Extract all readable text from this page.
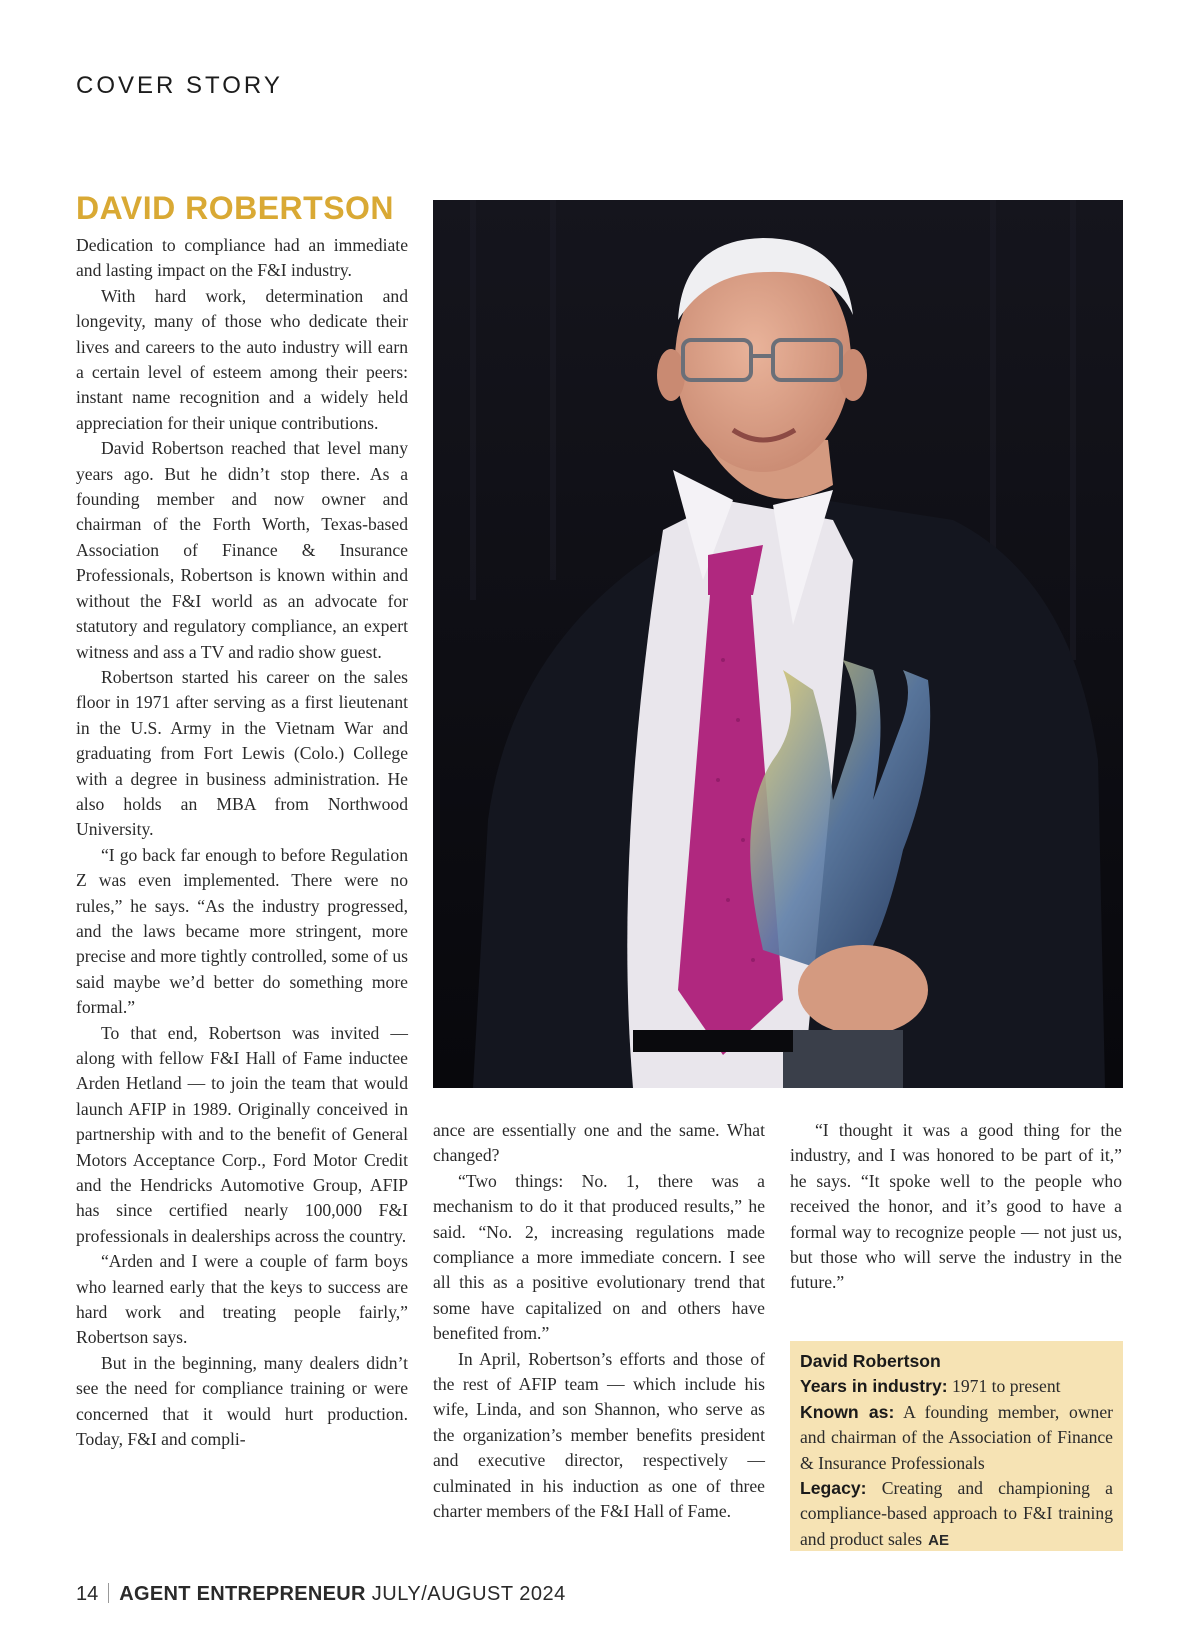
COVER STORY
DAVID ROBERTSON

Dedication to compliance had an immediate and lasting impact on the F&I industry.

With hard work, determination and longevity, many of those who dedicate their lives and careers to the auto industry will earn a certain level of esteem among their peers: instant name recognition and a widely held appreciation for their unique contributions.

David Robertson reached that level many years ago. But he didn’t stop there. As a founding member and now owner and chairman of the Forth Worth, Texas-based Association of Finance & Insurance Professionals, Robertson is known within and without the F&I world as an advocate for statutory and regulatory compliance, an expert witness and ass a TV and radio show guest.

Robertson started his career on the sales floor in 1971 after serving as a first lieutenant in the U.S. Army in the Vietnam War and graduating from Fort Lewis (Colo.) College with a degree in business administration. He also holds an MBA from Northwood University.

“I go back far enough to before Regulation Z was even implemented. There were no rules,” he says. “As the industry progressed, and the laws became more stringent, more precise and more tightly controlled, some of us said maybe we’d better do something more formal.”

To that end, Robertson was invited — along with fellow F&I Hall of Fame inductee Arden Hetland — to join the team that would launch AFIP in 1989. Originally conceived in partnership with and to the benefit of General Motors Acceptance Corp., Ford Motor Credit and the Hendricks Automotive Group, AFIP has since certified nearly 100,000 F&I professionals in dealerships across the country.

“Arden and I were a couple of farm boys who learned early that the keys to success are hard work and treating people fairly,” Robertson says.

But in the beginning, many dealers didn’t see the need for compliance training or were concerned that it would hurt production. Today, F&I and compli-

ance are essentially one and the same. What changed?

“Two things: No. 1, there was a mechanism to do it that produced results,” he said. “No. 2, increasing regulations made compliance a more immediate concern. I see all this as a positive evolutionary trend that some have capitalized on and others have benefited from.”

In April, Robertson’s efforts and those of the rest of AFIP team — which include his wife, Linda, and son Shannon, who serve as the organization’s member benefits president and executive director, respectively — culminated in his induction as one of three charter members of the F&I Hall of Fame.

“I thought it was a good thing for the industry, and I was honored to be part of it,” he says. “It spoke well to the people who received the honor, and it’s good to have a formal way to recognize people — not just us, but those who will serve the industry in the future.”

David Robertson

Years in industry: 1971 to present

Known as: A founding member, owner and chairman of the Association of Finance & Insurance Professionals

Legacy: Creating and championing a compliance-based approach to F&I training and product sales AE

14 AGENT ENTREPRENEUR JULY/AUGUST 2024
